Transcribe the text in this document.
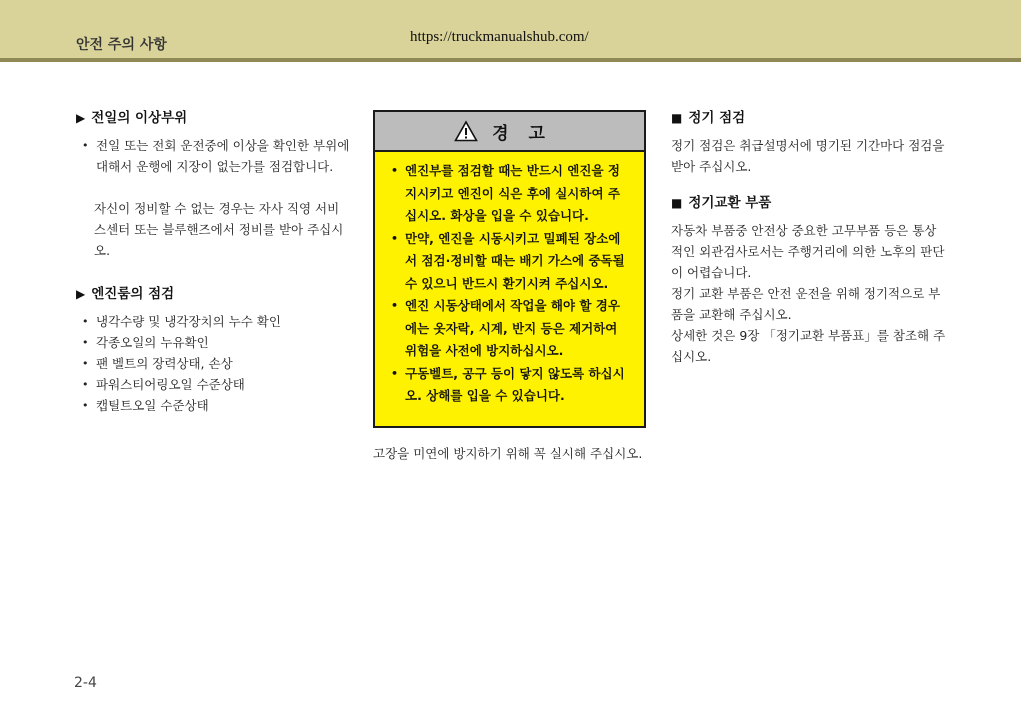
안전 주의 사항	https://truckmanualshub.com/
▶ 전일의 이상부위
• 전일 또는 전회 운전중에 이상을 확인한 부위에 대해서 운행에 지장이 없는가를 점검합니다.

자신이 정비할 수 없는 경우는 자사 직영 서비스센터 또는 블루핸즈에서 정비를 받아 주십시오.

▶ 엔진룸의 점검
• 냉각수량 및 냉각장치의 누수 확인
• 각종오일의 누유확인
• 팬 벨트의 장력상태, 손상
• 파워스티어링오일 수준상태
• 캡틸트오일 수준상태
경고
• 엔진부를 점검할 때는 반드시 엔진을 정지시키고 엔진이 식은 후에 실시하여 주십시오. 화상을 입을 수 있습니다.
• 만약, 엔진을 시동시키고 밀폐된 장소에서 점검·정비할 때는 배기 가스에 중독될 수 있으니 반드시 환기시켜 주십시오.
• 엔진 시동상태에서 작업을 해야 할 경우에는 옷자락, 시계, 반지 등은 제거하여 위험을 사전에 방지하십시오.
• 구동벨트, 공구 등이 닿지 않도록 하십시오. 상해를 입을 수 있습니다.

고장을 미연에 방지하기 위해 꼭 실시해 주십시오.

■ 정기 점검

정기 점검은 취급설명서에 명기된 기간마다 점검을 받아 주십시오.

■ 정기교환 부품

자동차 부품중 안전상 중요한 고무부품 등은 통상적인 외관검사로서는 주행거리에 의한 노후의 판단이 어렵습니다.

정기 교환 부품은 안전 운전을 위해 정기적으로 부품을 교환해 주십시오.

상세한 것은 9장 「정기교환 부품표」를 참조해 주십시오.

2-4
